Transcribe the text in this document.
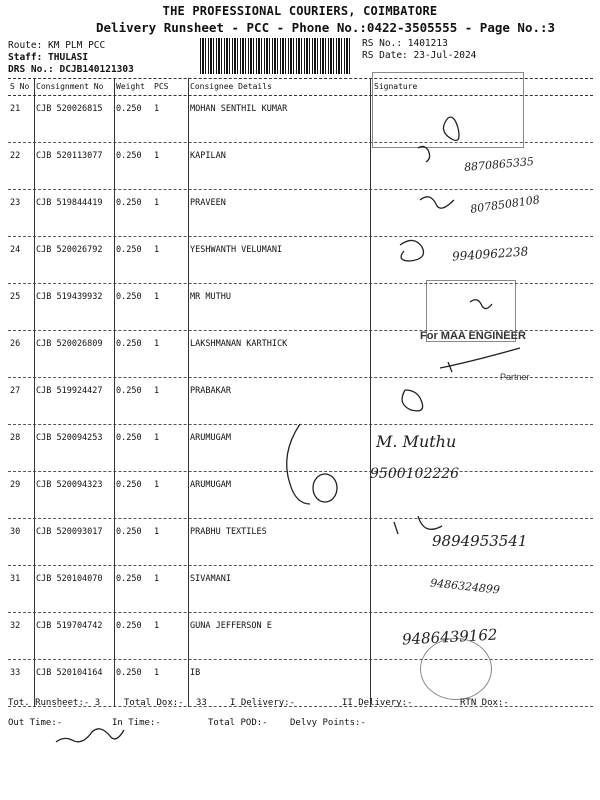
THE PROFESSIONAL COURIERS, COIMBATORE
Delivery Runsheet - PCC - Phone No.:0422-3505555 - Page No.:3
Route: KM PLM PCC
Staff: THULASI
DRS No.: DCJB140121303
RS No.: 1401213
RS Date: 23-Jul-2024
S No Consignment No Weight PCS	Consignee Details	Signature
21 CJB 520026815 0.250 1	MOHAN SENTHIL KUMAR
22 CJB 520113077 0.250 1	KAPILAN
23 CJB 519844419 0.250 1	PRAVEEN
24 CJB 520026792 0.250 1	YESHWANTH VELUMANI
25 CJB 519439932 0.250 1	MR MUTHU
26 CJB 520026809 0.250 1	LAKSHMANAN KARTHICK
27 CJB 519924427 0.250 1	PRABAKAR
28 CJB 520094253 0.250 1	ARUMUGAM
29 CJB 520094323 0.250 1	ARUMUGAM
30 CJB 520093017 0.250 1	PRABHU TEXTILES
31 CJB 520104070 0.250 1	SIVAMANI
32 CJB 519704742 0.250 1	GUNA JEFFERSON E
33 CJB 520104164 0.250 1	IB
For MAA ENGINEER
Partner
8870865335
8078508108
9940962238
M. Muthu
9500102226
9894953541
9486324899
9486439162
Tot. Runsheet:- 3	Total Dox:- 33	I Delivery:-	II Delivery:-	RTN Dox:-
Out Time:-	In Time:-	Total POD:- Delvy Points:-
